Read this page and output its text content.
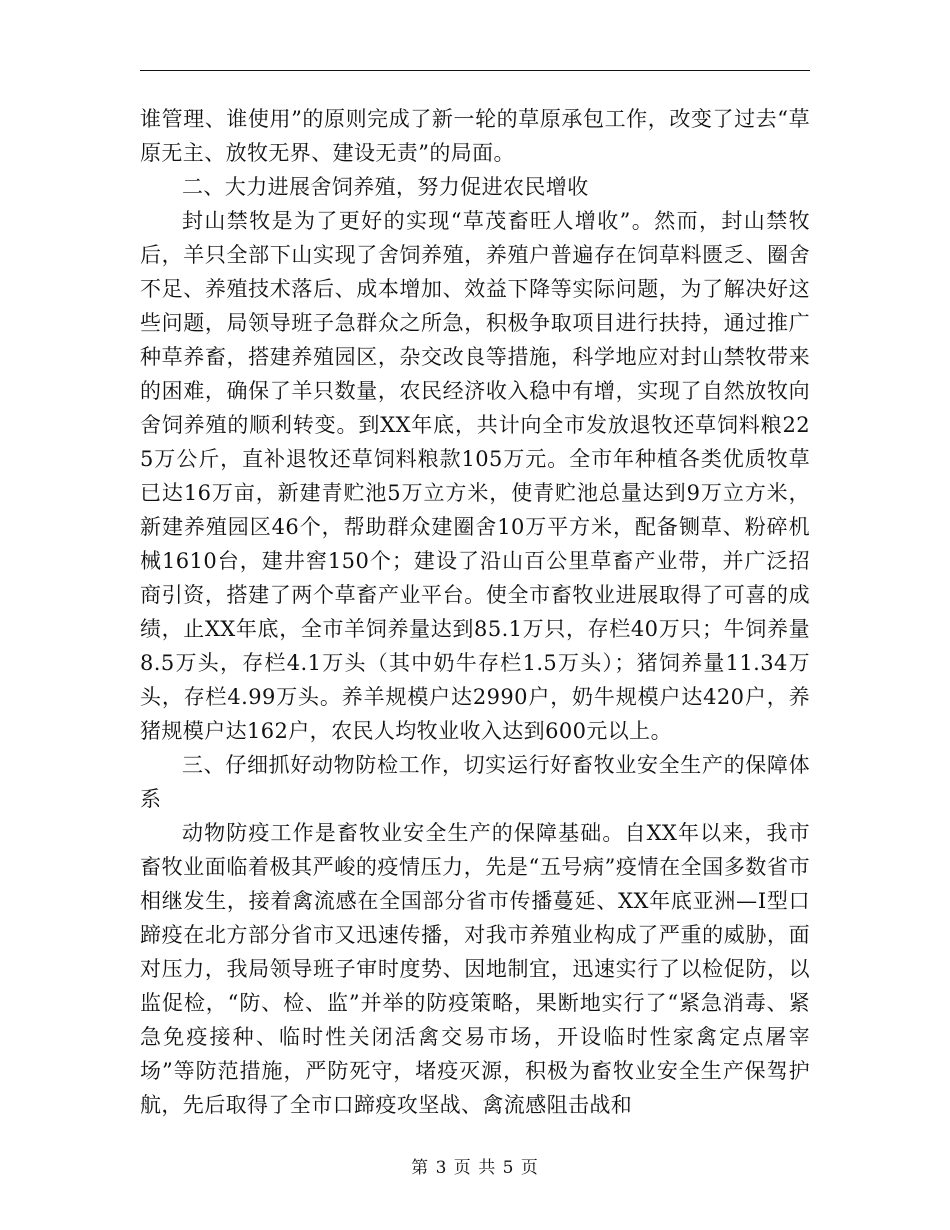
谁管理、谁使用”的原则完成了新一轮的草原承包工作，改变了过去“草原无主、放牧无界、建设无责”的局面。

二、大力进展舍饲养殖，努力促进农民增收

封山禁牧是为了更好的实现“草茂畜旺人增收”。然而，封山禁牧后，羊只全部下山实现了舍饲养殖，养殖户普遍存在饲草料匮乏、圈舍不足、养殖技术落后、成本增加、效益下降等实际问题，为了解决好这些问题，局领导班子急群众之所急，积极争取项目进行扶持，通过推广种草养畜，搭建养殖园区，杂交改良等措施，科学地应对封山禁牧带来的困难，确保了羊只数量，农民经济收入稳中有增，实现了自然放牧向舍饲养殖的顺利转变。到XX年底，共计向全市发放退牧还草饲料粮225万公斤，直补退牧还草饲料粮款105万元。全市年种植各类优质牧草已达16万亩，新建青贮池5万立方米，使青贮池总量达到9万立方米，新建养殖园区46个，帮助群众建圈舍10万平方米，配备铡草、粉碎机械1610台，建井窖150个；建设了沿山百公里草畜产业带，并广泛招商引资，搭建了两个草畜产业平台。使全市畜牧业进展取得了可喜的成绩，止XX年底，全市羊饲养量达到85.1万只，存栏40万只；牛饲养量8.5万头，存栏4.1万头（其中奶牛存栏1.5万头）；猪饲养量11.34万头，存栏4.99万头。养羊规模户达2990户，奶牛规模户达420户，养猪规模户达162户，农民人均牧业收入达到600元以上。

三、仔细抓好动物防检工作，切实运行好畜牧业安全生产的保障体系

动物防疫工作是畜牧业安全生产的保障基础。自XX年以来，我市畜牧业面临着极其严峻的疫情压力，先是“五号病”疫情在全国多数省市相继发生，接着禽流感在全国部分省市传播蔓延、XX年底亚洲—Ⅰ型口蹄疫在北方部分省市又迅速传播，对我市养殖业构成了严重的威胁，面对压力，我局领导班子审时度势、因地制宜，迅速实行了以检促防，以监促检，“防、检、监”并举的防疫策略，果断地实行了“紧急消毒、紧急免疫接种、临时性关闭活禽交易市场，开设临时性家禽定点屠宰场”等防范措施，严防死守，堵疫灭源，积极为畜牧业安全生产保驾护航，先后取得了全市口蹄疫攻坚战、禽流感阻击战和

第 3 页 共 5 页
